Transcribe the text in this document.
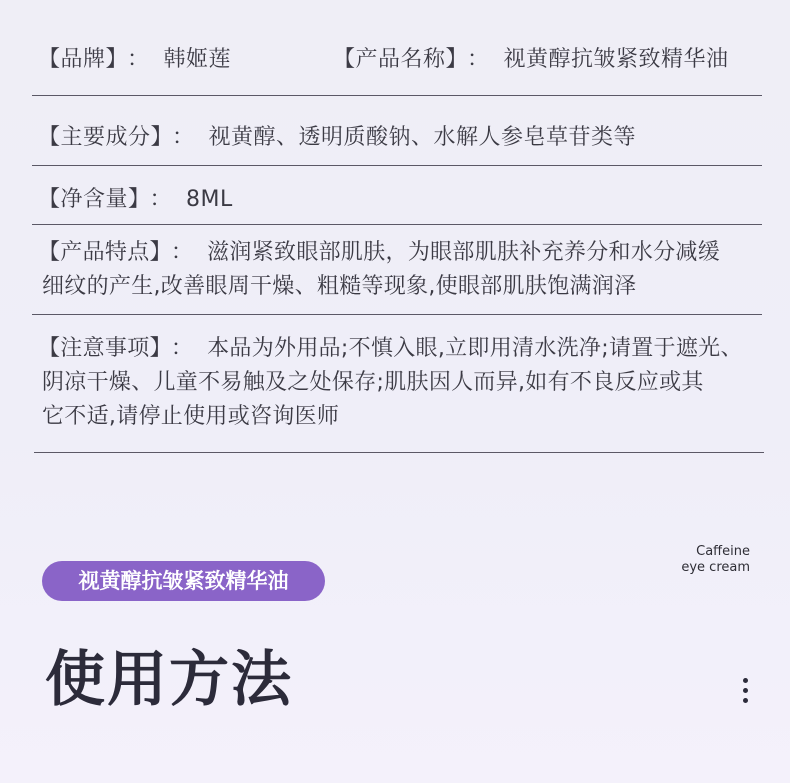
【品牌】 ： 韩姬莲	【产品名称】 ： 视黄醇抗皱紧致精华油
【主要成分】 ： 视黄醇、透明质酸钠、水解人参皂草苷类等
【净含量】 ： 8ML
【产品特点】 ： 滋润紧致眼部肌肤，为眼部肌肤补充养分和水分减缓
细纹的产生,改善眼周干燥、粗糙等现象,使眼部肌肤饱满润泽
【注意事项】 ： 本品为外用品;不慎入眼,立即用清水洗净;请置于遮光、
阴凉干燥、儿童不易触及之处保存;肌肤因人而异,如有不良反应或其
它不适,请停止使用或咨询医师
视黄醇抗皱紧致精华油
Caffeine
eye cream
使用方法
